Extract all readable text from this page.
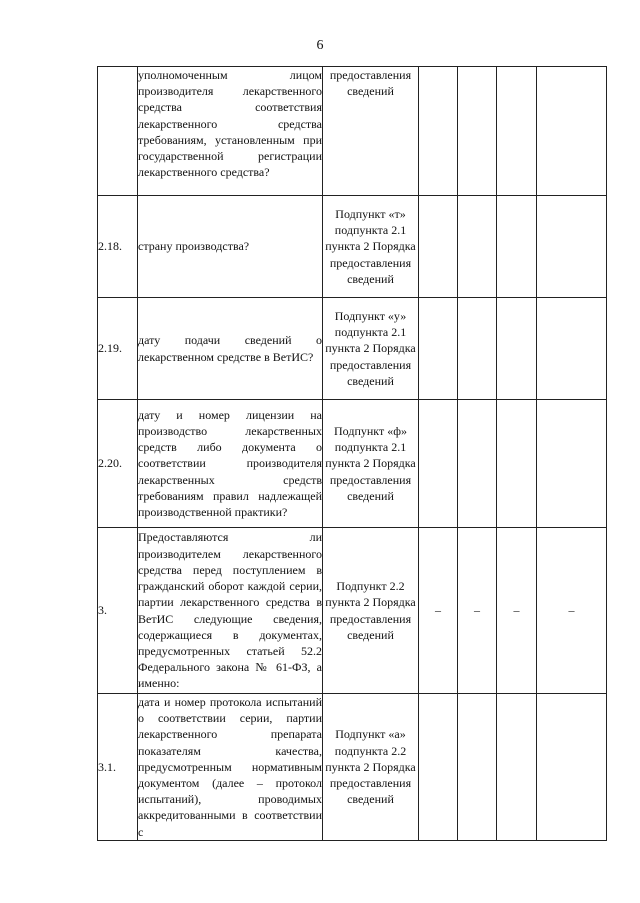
6
	уполномоченным лицом производителя лекарственного средства соответствия лекарственного средства требованиям, установленным при государственной регистрации лекарственного средства?	предоставления сведений				
2.18.	страну производства?	Подпункт «т» подпункта 2.1 пункта 2 Порядка предоставления сведений				
2.19.	дату подачи сведений о лекарственном средстве в ВетИС?	Подпункт «у» подпункта 2.1 пункта 2 Порядка предоставления сведений				
2.20.	дату и номер лицензии на производство лекарственных средств либо документа о соответствии производителя лекарственных средств требованиям правил надлежащей производственной практики?	Подпункт «ф» подпункта 2.1 пункта 2 Порядка предоставления сведений				
3.	Предоставляются ли производителем лекарственного средства перед поступлением в гражданский оборот каждой серии, партии лекарственного средства в ВетИС следующие сведения, содержащиеся в документах, предусмотренных статьей 52.2 Федерального закона № 61-ФЗ, а именно:	Подпункт 2.2 пункта 2 Порядка предоставления сведений	–	–	–	–
3.1.	дата и номер протокола испытаний о соответствии серии, партии лекарственного препарата показателям качества, предусмотренным нормативным документом (далее – протокол испытаний), проводимых аккредитованными в соответствии с	Подпункт «а» подпункта 2.2 пункта 2 Порядка предоставления сведений				
